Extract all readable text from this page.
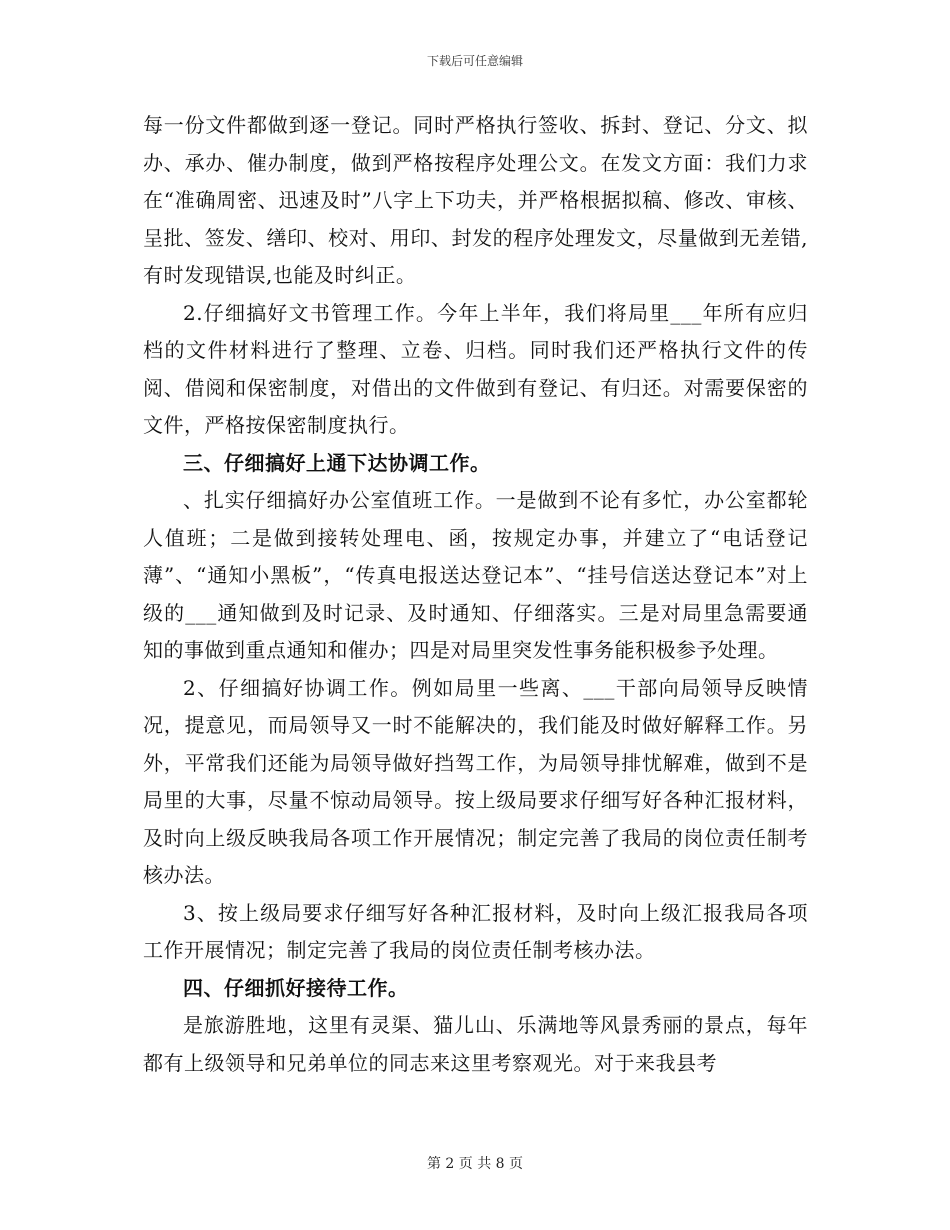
下载后可任意编辑

每一份文件都做到逐一登记。同时严格执行签收、拆封、登记、分文、拟办、承办、催办制度，做到严格按程序处理公文。在发文方面：我们力求在“准确周密、迅速及时”八字上下功夫，并严格根据拟稿、修改、审核、呈批、签发、缮印、校对、用印、封发的程序处理发文，尽量做到无差错,有时发现错误,也能及时纠正。

2.仔细搞好文书管理工作。今年上半年，我们将局里___年所有应归档的文件材料进行了整理、立卷、归档。同时我们还严格执行文件的传阅、借阅和保密制度，对借出的文件做到有登记、有归还。对需要保密的文件，严格按保密制度执行。

三、仔细搞好上通下达协调工作。

、扎实仔细搞好办公室值班工作。一是做到不论有多忙，办公室都轮人值班；二是做到接转处理电、函，按规定办事，并建立了“电话登记薄”、“通知小黑板”，“传真电报送达登记本”、“挂号信送达登记本”对上级的___通知做到及时记录、及时通知、仔细落实。三是对局里急需要通知的事做到重点通知和催办；四是对局里突发性事务能积极参予处理。

2、仔细搞好协调工作。例如局里一些离、___干部向局领导反映情况，提意见，而局领导又一时不能解决的，我们能及时做好解释工作。另外，平常我们还能为局领导做好挡驾工作，为局领导排忧解难，做到不是局里的大事，尽量不惊动局领导。按上级局要求仔细写好各种汇报材料，及时向上级反映我局各项工作开展情况；制定完善了我局的岗位责任制考核办法。

3、按上级局要求仔细写好各种汇报材料，及时向上级汇报我局各项工作开展情况；制定完善了我局的岗位责任制考核办法。

四、仔细抓好接待工作。

是旅游胜地，这里有灵渠、猫儿山、乐满地等风景秀丽的景点，每年都有上级领导和兄弟单位的同志来这里考察观光。对于来我县考

第 2 页 共 8 页
